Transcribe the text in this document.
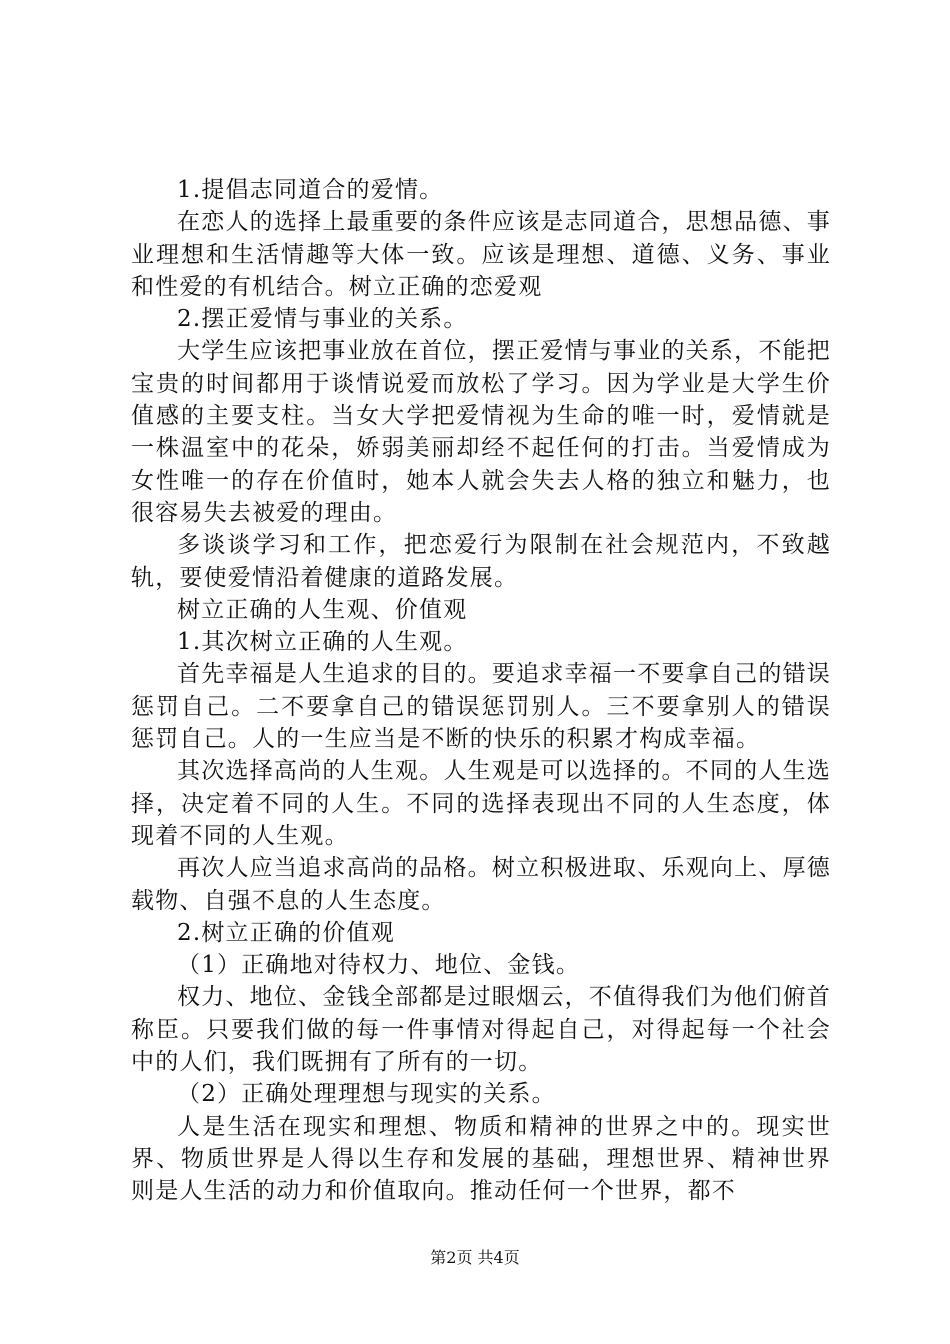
1.提倡志同道合的爱情。

在恋人的选择上最重要的条件应该是志同道合，思想品德、事业理想和生活情趣等大体一致。应该是理想、道德、义务、事业和性爱的有机结合。树立正确的恋爱观

2.摆正爱情与事业的关系。

大学生应该把事业放在首位，摆正爱情与事业的关系，不能把宝贵的时间都用于谈情说爱而放松了学习。因为学业是大学生价值感的主要支柱。当女大学把爱情视为生命的唯一时，爱情就是一株温室中的花朵，娇弱美丽却经不起任何的打击。当爱情成为女性唯一的存在价值时，她本人就会失去人格的独立和魅力，也很容易失去被爱的理由。

多谈谈学习和工作，把恋爱行为限制在社会规范内，不致越轨，要使爱情沿着健康的道路发展。

树立正确的人生观、价值观

1.其次树立正确的人生观。

首先幸福是人生追求的目的。要追求幸福一不要拿自己的错误惩罚自己。二不要拿自己的错误惩罚别人。三不要拿别人的错误惩罚自己。人的一生应当是不断的快乐的积累才构成幸福。

其次选择高尚的人生观。人生观是可以选择的。不同的人生选择，决定着不同的人生。不同的选择表现出不同的人生态度，体现着不同的人生观。

再次人应当追求高尚的品格。树立积极进取、乐观向上、厚德载物、自强不息的人生态度。

2.树立正确的价值观

（1）正确地对待权力、地位、金钱。

权力、地位、金钱全部都是过眼烟云，不值得我们为他们俯首称臣。只要我们做的每一件事情对得起自己，对得起每一个社会中的人们，我们既拥有了所有的一切。

（2）正确处理理想与现实的关系。

人是生活在现实和理想、物质和精神的世界之中的。现实世界、物质世界是人得以生存和发展的基础，理想世界、精神世界则是人生活的动力和价值取向。推动任何一个世界，都不

第2页 共4页
